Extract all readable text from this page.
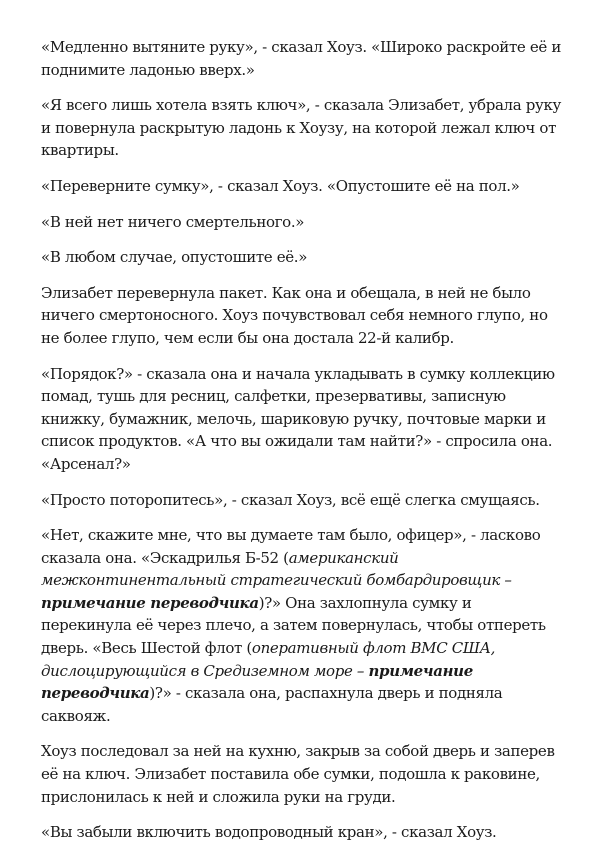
«Медленно вытяните руку», - сказал Хоуз. «Широко раскройте её и поднимите ладонью вверх.»

«Я всего лишь хотела взять ключ», - сказала Элизабет, убрала руку и повернула раскрытую ладонь к Хоузу, на которой лежал ключ от квартиры.

«Переверните сумку», - сказал Хоуз. «Опустошите её на пол.»

«В ней нет ничего смертельного.»

«В любом случае, опустошите её.»

Элизабет перевернула пакет. Как она и обещала, в ней не было ничего смертоносного. Хоуз почувствовал себя немного глупо, но не более глупо, чем если бы она достала 22-й калибр.

«Порядок?» - сказала она и начала укладывать в сумку коллекцию помад, тушь для ресниц, салфетки, презервативы, записную книжку, бумажник, мелочь, шариковую ручку, почтовые марки и список продуктов. «А что вы ожидали там найти?» - спросила она. «Арсенал?»

«Просто поторопитесь», - сказал Хоуз, всё ещё слегка смущаясь.

«Нет, скажите мне, что вы думаете там было, офицер», - ласково сказала она. «Эскадрилья Б-52 (американский межконтинентальный стратегический бомбардировщик – примечание переводчика)?» Она захлопнула сумку и перекинула её через плечо, а затем повернулась, чтобы отпереть дверь. «Весь Шестой флот (оперативный флот ВМС США, дислоцирующийся в Средиземном море – примечание переводчика)?» - сказала она, распахнула дверь и подняла саквояж.

Хоуз последовал за ней на кухню, закрыв за собой дверь и заперев её на ключ. Элизабет поставила обе сумки, подошла к раковине, прислонилась к ней и сложила руки на груди.

«Вы забыли включить водопроводный кран», - сказал Хоуз.
